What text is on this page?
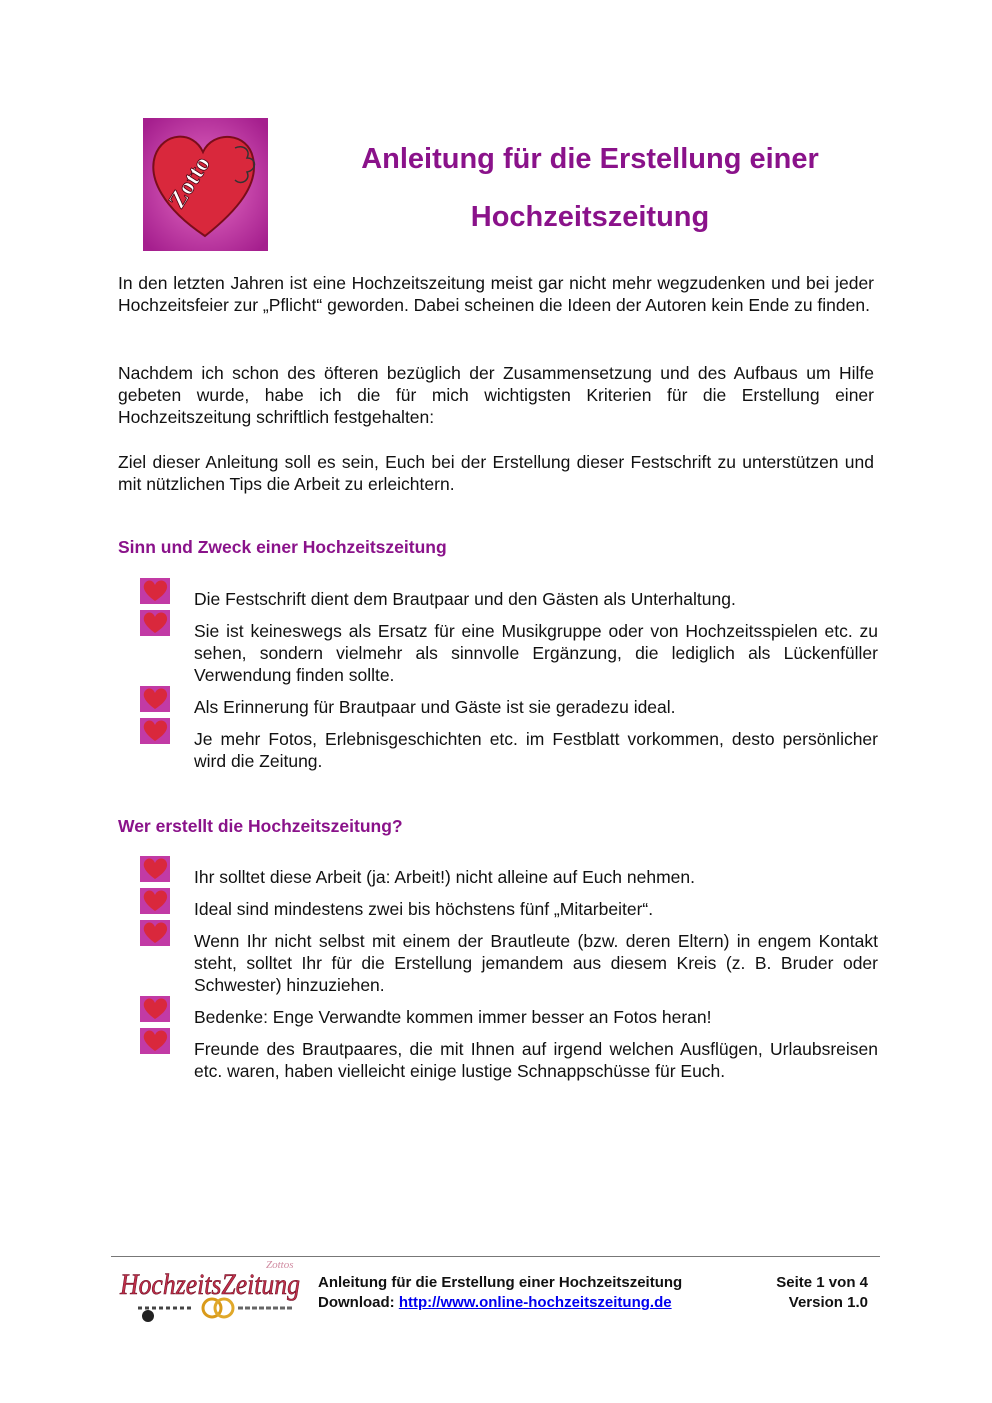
Zotto	Anleitung für die Erstellung einer
Hochzeitszeitung

In den letzten Jahren ist eine Hochzeitszeitung meist gar nicht mehr wegzudenken und bei jeder Hochzeitsfeier zur „Pflicht“ geworden. Dabei scheinen die Ideen der Autoren kein Ende zu finden.

Nachdem ich schon des öfteren bezüglich der Zusammensetzung und des Aufbaus um Hilfe gebeten wurde, habe ich die für mich wichtigsten Kriterien für die Erstellung einer Hochzeitszeitung schriftlich festgehalten:

Ziel dieser Anleitung soll es sein, Euch bei der Erstellung dieser Festschrift zu unterstützen und mit nützlichen Tips die Arbeit zu erleichtern.

Sinn und Zweck einer Hochzeitszeitung
Die Festschrift dient dem Brautpaar und den Gästen als Unterhaltung.
Sie ist keineswegs als Ersatz für eine Musikgruppe oder von Hochzeitsspielen etc. zu sehen, sondern vielmehr als sinnvolle Ergänzung, die lediglich als Lückenfüller Verwendung finden sollte.
Als Erinnerung für Brautpaar und Gäste ist sie geradezu ideal.
Je mehr Fotos, Erlebnisgeschichten etc. im Festblatt vorkommen, desto persönlicher wird die Zeitung.
Wer erstellt die Hochzeitszeitung?
Ihr solltet diese Arbeit (ja: Arbeit!) nicht alleine auf Euch nehmen.
Ideal sind mindestens zwei bis höchstens fünf „Mitarbeiter“.
Wenn Ihr nicht selbst mit einem der Brautleute (bzw. deren Eltern) in engem Kontakt steht, solltet Ihr für die Erstellung jemandem aus diesem Kreis (z. B. Bruder oder Schwester) hinzuziehen.
Bedenke: Enge Verwandte kommen immer besser an Fotos heran!
Freunde des Brautpaares, die mit Ihnen auf irgend welchen Ausflügen, Urlaubsreisen etc. waren, haben vielleicht einige lustige Schnappschüsse für Euch.
HochzeitsZeitung
Zottos
Anleitung für die Erstellung einer Hochzeitszeitung
Download: http://www.online-hochzeitszeitung.de
Seite 1 von 4
Version 1.0
